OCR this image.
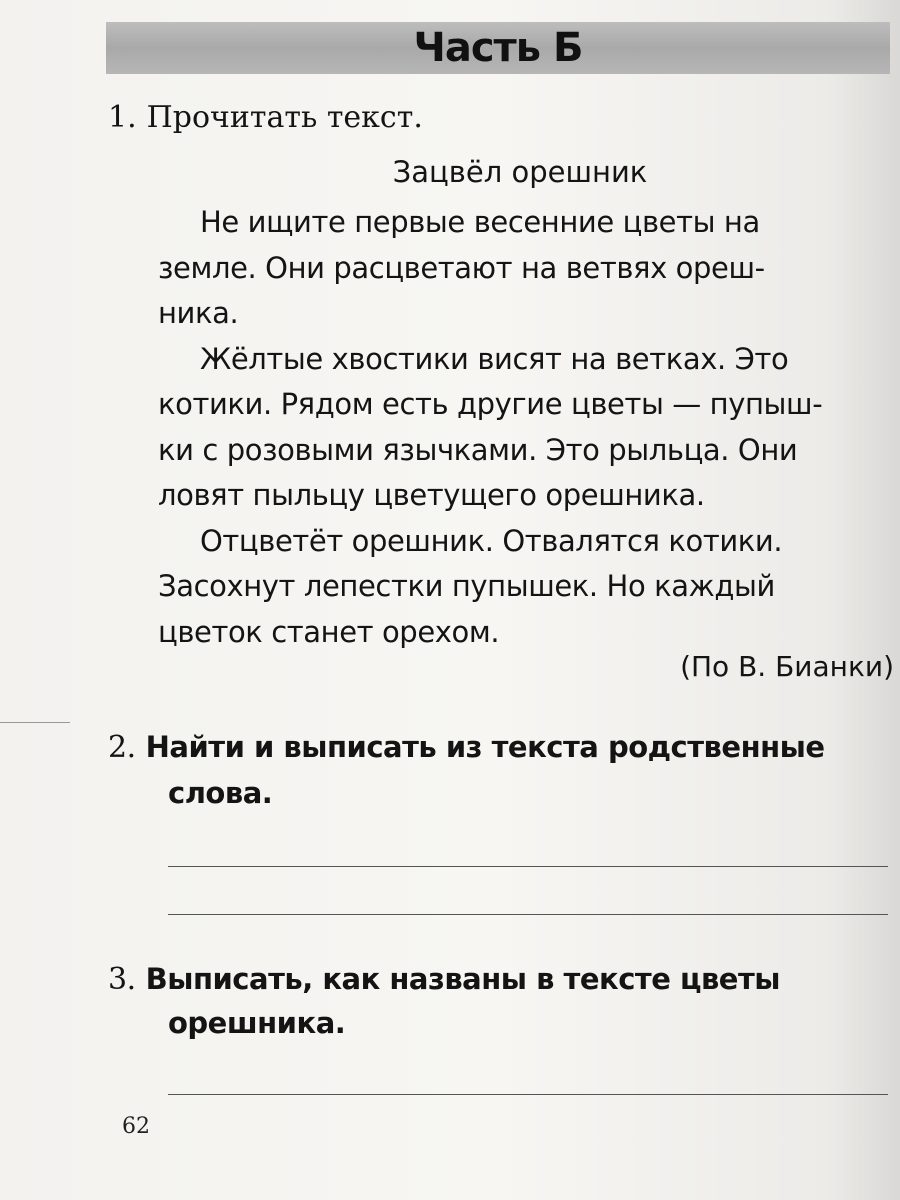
Часть Б
1. Прочитать текст.
Зацвёл орешник
Не ищите первые весенние цветы на
земле. Они расцветают на ветвях ореш-
ника.
Жёлтые хвостики висят на ветках. Это
котики. Рядом есть другие цветы — пупыш-
ки с розовыми язычками. Это рыльца. Они
ловят пыльцу цветущего орешника.
Отцветёт орешник. Отвалятся котики.
Засохнут лепестки пупышек. Но каждый
цветок станет орехом.
(По В. Бианки)
2. Найти и выписать из текста родственные
слова.
3. Выписать, как названы в тексте цветы
орешника.
62
